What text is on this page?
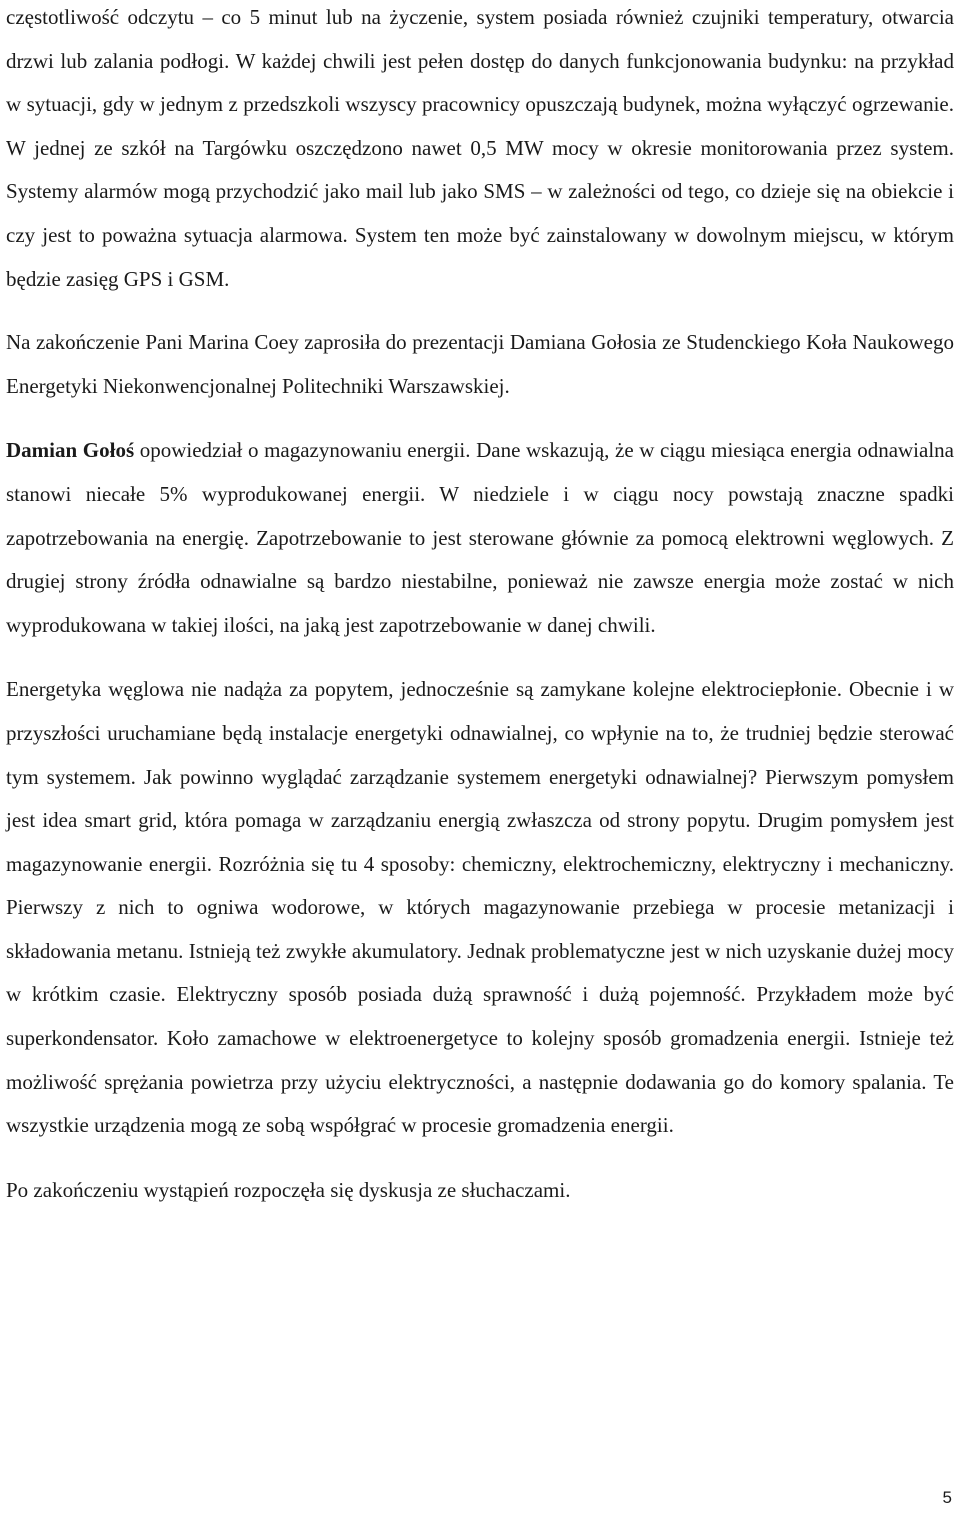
częstotliwość odczytu – co 5 minut lub na życzenie, system posiada również czujniki temperatury, otwarcia drzwi lub zalania podłogi. W każdej chwili jest pełen dostęp do danych funkcjonowania budynku: na przykład w sytuacji, gdy w jednym z przedszkoli wszyscy pracownicy opuszczają budynek, można wyłączyć ogrzewanie. W jednej ze szkół na Targówku oszczędzono nawet 0,5 MW mocy w okresie monitorowania przez system. Systemy alarmów mogą przychodzić jako mail lub jako SMS – w zależności od tego, co dzieje się na obiekcie i czy jest to poważna sytuacja alarmowa. System ten może być zainstalowany w dowolnym miejscu, w którym będzie zasięg GPS i GSM.

Na zakończenie Pani Marina Coey zaprosiła do prezentacji Damiana Gołosia ze Studenckiego Koła Naukowego Energetyki Niekonwencjonalnej Politechniki Warszawskiej.

Damian Gołoś opowiedział o magazynowaniu energii. Dane wskazują, że w ciągu miesiąca energia odnawialna stanowi niecałe 5% wyprodukowanej energii. W niedziele i w ciągu nocy powstają znaczne spadki zapotrzebowania na energię. Zapotrzebowanie to jest sterowane głównie za pomocą elektrowni węglowych. Z drugiej strony źródła odnawialne są bardzo niestabilne, ponieważ nie zawsze energia może zostać w nich wyprodukowana w takiej ilości, na jaką jest zapotrzebowanie w danej chwili.

Energetyka węglowa nie nadąża za popytem, jednocześnie są zamykane kolejne elektrociepłonie. Obecnie i w przyszłości uruchamiane będą instalacje energetyki odnawialnej, co wpłynie na to, że trudniej będzie sterować tym systemem. Jak powinno wyglądać zarządzanie systemem energetyki odnawialnej? Pierwszym pomysłem jest idea smart grid, która pomaga w zarządzaniu energią zwłaszcza od strony popytu. Drugim pomysłem jest magazynowanie energii. Rozróżnia się tu 4 sposoby: chemiczny, elektrochemiczny, elektryczny i mechaniczny. Pierwszy z nich to ogniwa wodorowe, w których magazynowanie przebiega w procesie metanizacji i składowania metanu. Istnieją też zwykłe akumulatory. Jednak problematyczne jest w nich uzyskanie dużej mocy w krótkim czasie. Elektryczny sposób posiada dużą sprawność i dużą pojemność. Przykładem może być superkondensator. Koło zamachowe w elektroenergetyce to kolejny sposób gromadzenia energii. Istnieje też możliwość sprężania powietrza przy użyciu elektryczności, a następnie dodawania go do komory spalania. Te wszystkie urządzenia mogą ze sobą współgrać w procesie gromadzenia energii.

Po zakończeniu wystąpień rozpoczęła się dyskusja ze słuchaczami.

5
